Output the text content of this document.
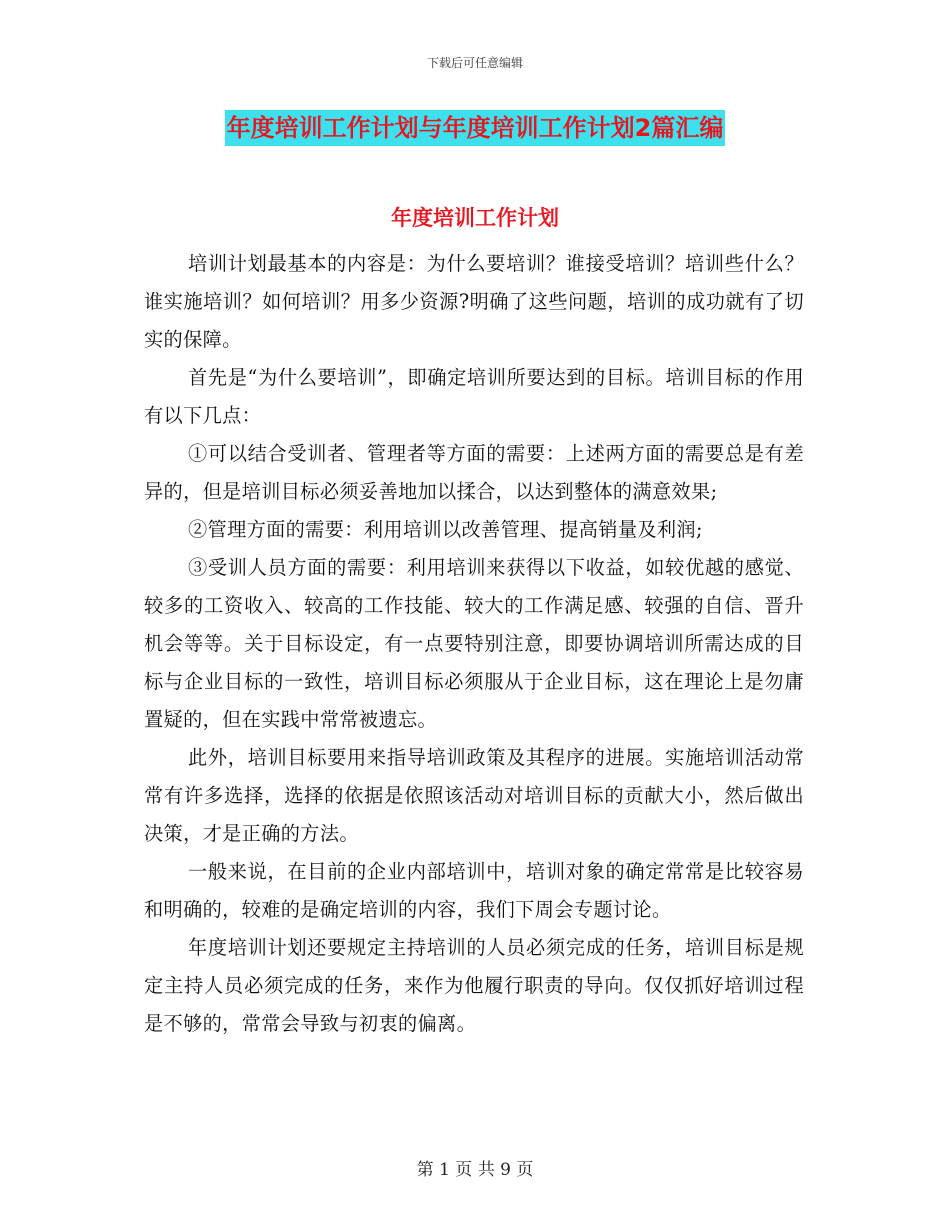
下载后可任意编辑
年度培训工作计划与年度培训工作计划2篇汇编
年度培训工作计划

培训计划最基本的内容是：为什么要培训？谁接受培训？培训些什么？谁实施培训？如何培训？用多少资源?明确了这些问题，培训的成功就有了切实的保障。

首先是“为什么要培训”，即确定培训所要达到的目标。培训目标的作用有以下几点：

①可以结合受训者、管理者等方面的需要：上述两方面的需要总是有差异的，但是培训目标必须妥善地加以揉合，以达到整体的满意效果;

②管理方面的需要：利用培训以改善管理、提高销量及利润;

③受训人员方面的需要：利用培训来获得以下收益，如较优越的感觉、较多的工资收入、较高的工作技能、较大的工作满足感、较强的自信、晋升机会等等。关于目标设定，有一点要特别注意，即要协调培训所需达成的目标与企业目标的一致性，培训目标必须服从于企业目标，这在理论上是勿庸置疑的，但在实践中常常被遗忘。

此外，培训目标要用来指导培训政策及其程序的进展。实施培训活动常常有许多选择，选择的依据是依照该活动对培训目标的贡献大小，然后做出决策，才是正确的方法。

一般来说，在目前的企业内部培训中，培训对象的确定常常是比较容易和明确的，较难的是确定培训的内容，我们下周会专题讨论。

年度培训计划还要规定主持培训的人员必须完成的任务，培训目标是规定主持人员必须完成的任务，来作为他履行职责的导向。仅仅抓好培训过程是不够的，常常会导致与初衷的偏离。

第 1 页 共 9 页
